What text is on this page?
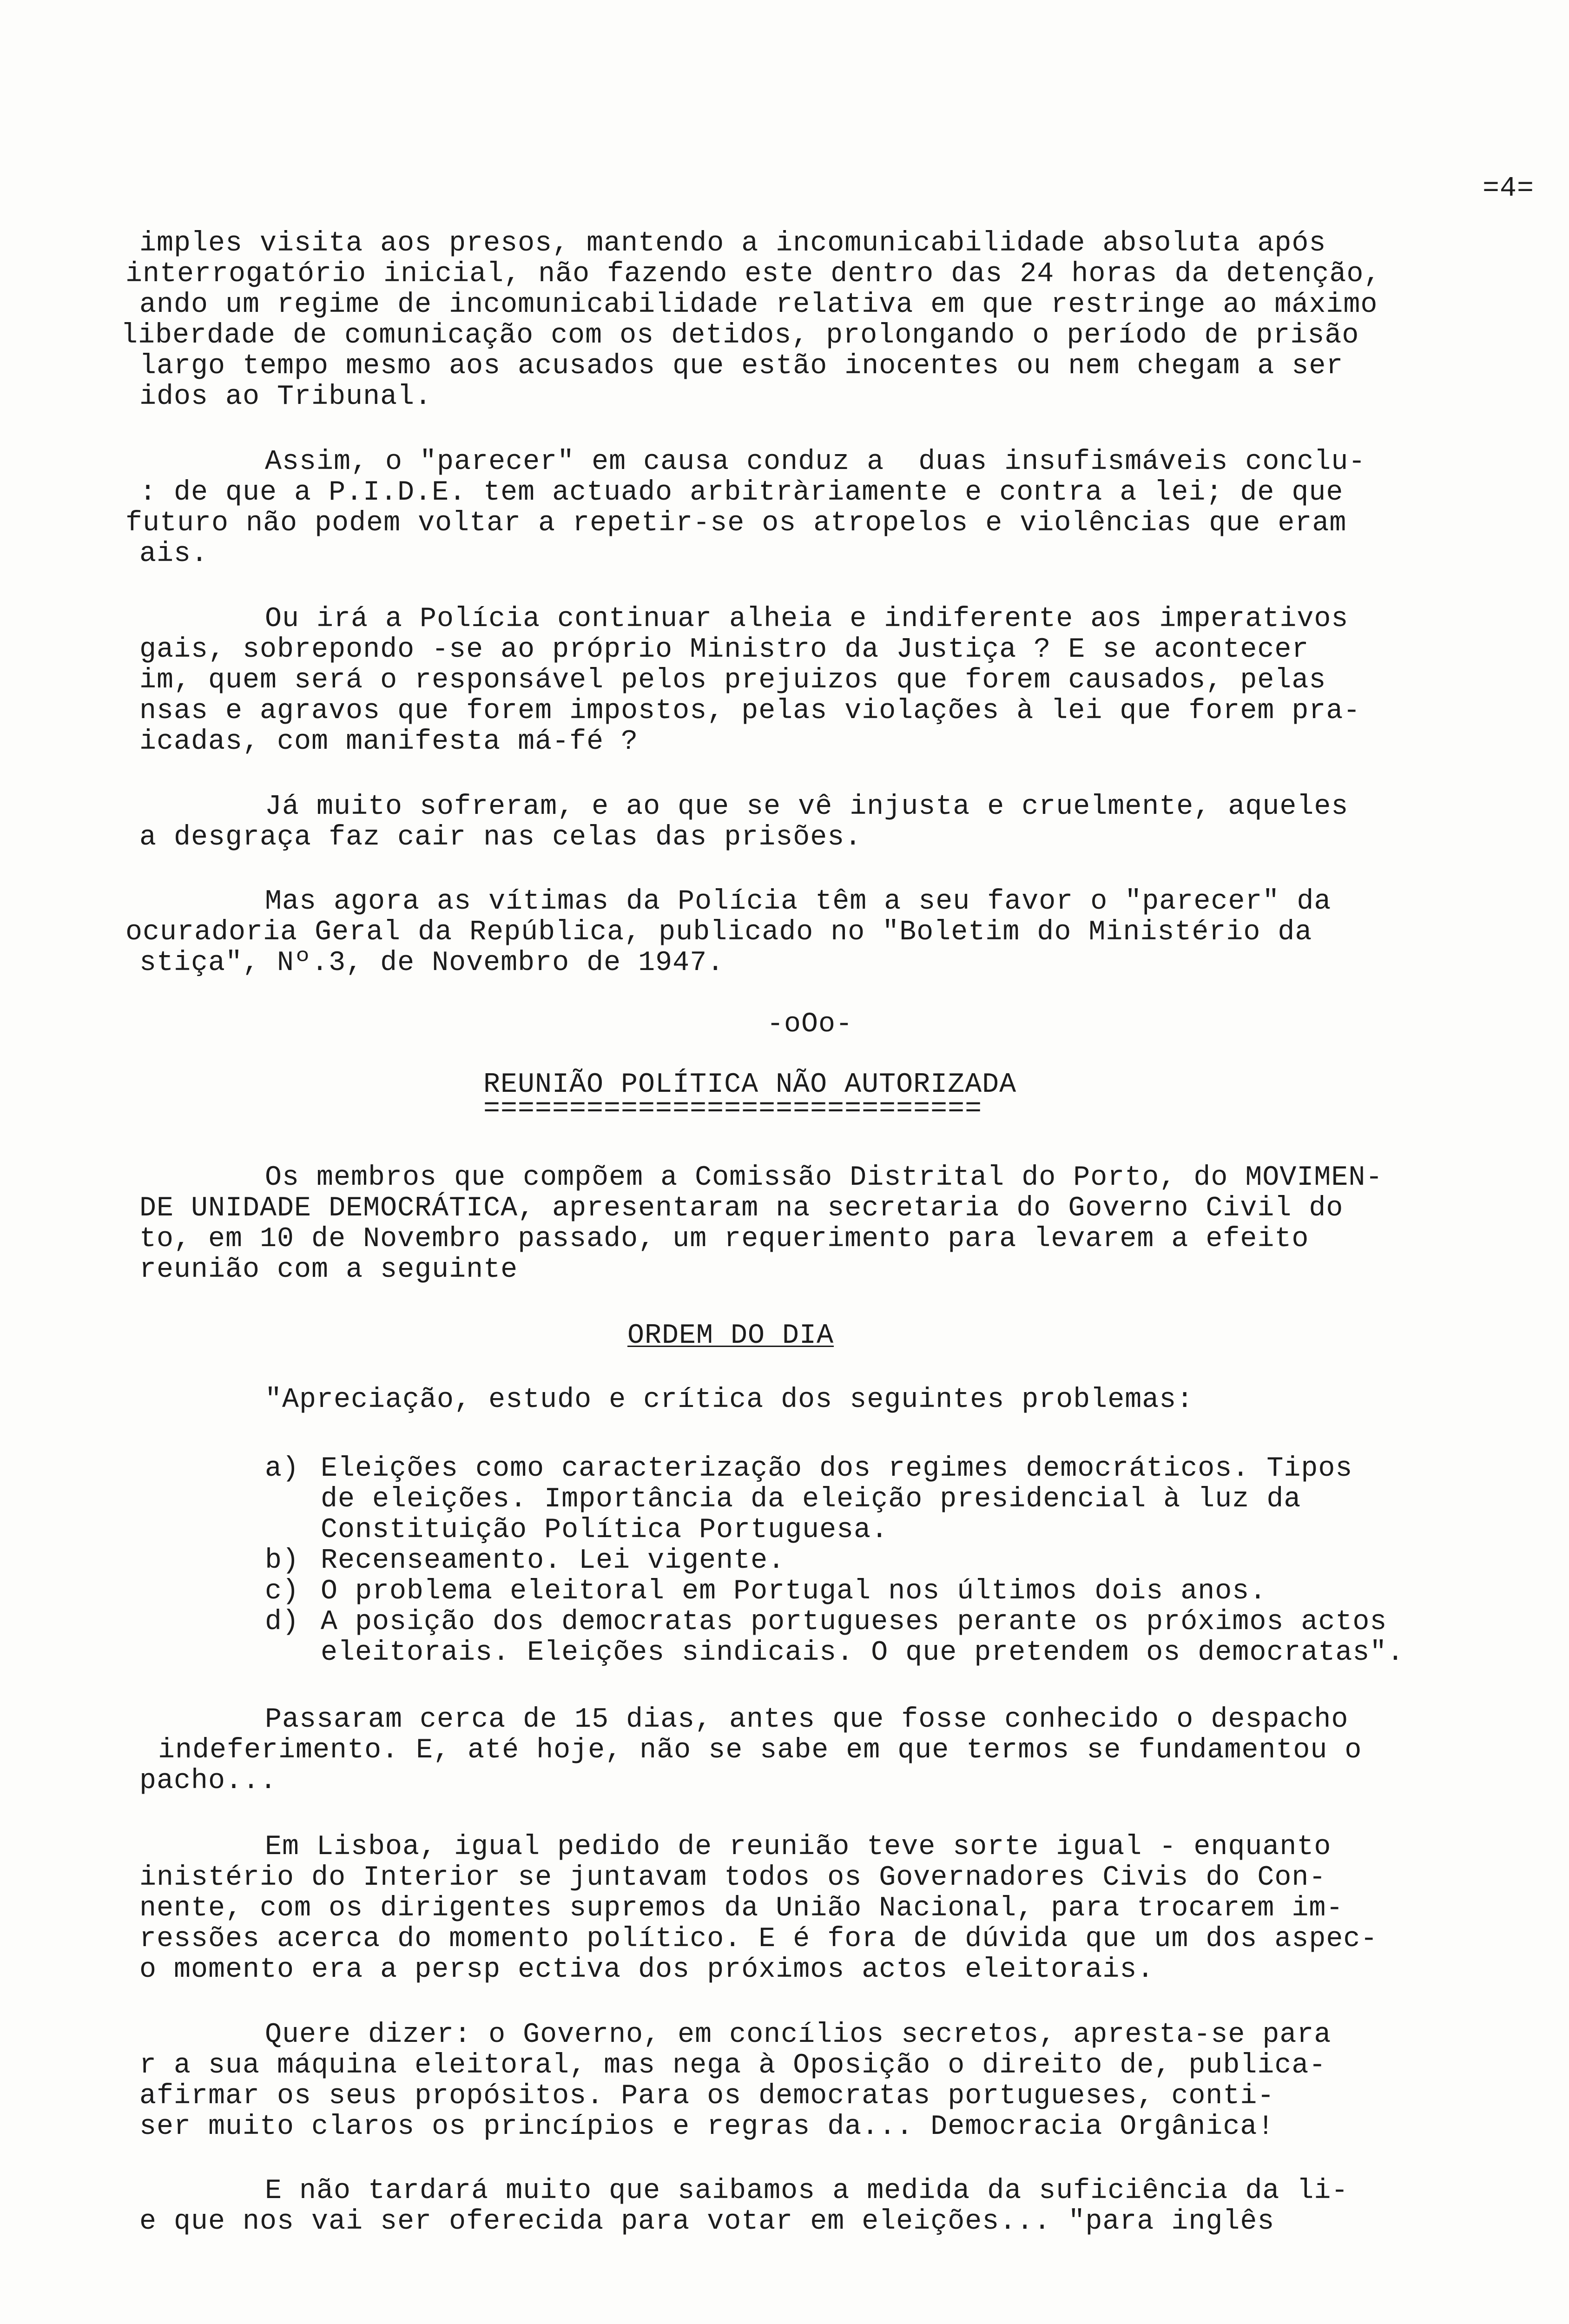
=4=
imples visita aos presos, mantendo a incomunicabilidade absoluta após
interrogatório inicial, não fazendo este dentro das 24 horas da detenção,
ando um regime de incomunicabilidade relativa em que restringe ao máximo
liberdade de comunicação com os detidos, prolongando o período de prisão
largo tempo mesmo aos acusados que estão inocentes ou nem chegam a ser
idos ao Tribunal.
Assim, o "parecer" em causa conduz a  duas insufismáveis conclu-
: de que a P.I.D.E. tem actuado arbitràriamente e contra a lei; de que
futuro não podem voltar a repetir-se os atropelos e violências que eram
ais.
Ou irá a Polícia continuar alheia e indiferente aos imperativos
gais, sobrepondo -se ao próprio Ministro da Justiça ? E se acontecer
im, quem será o responsável pelos prejuizos que forem causados, pelas
nsas e agravos que forem impostos, pelas violações à lei que forem pra-
icadas, com manifesta má-fé ?
Já muito sofreram, e ao que se vê injusta e cruelmente, aqueles
a desgraça faz cair nas celas das prisões.
Mas agora as vítimas da Polícia têm a seu favor o "parecer" da
ocuradoria Geral da República, publicado no "Boletim do Ministério da
stiça", Nº.3, de Novembro de 1947.
-oOo-
REUNIÃO POLÍTICA NÃO AUTORIZADA
=============================
Os membros que compõem a Comissão Distrital do Porto, do MOVIMEN-
DE UNIDADE DEMOCRÁTICA, apresentaram na secretaria do Governo Civil do
to, em 10 de Novembro passado, um requerimento para levarem a efeito
reunião com a seguinte
ORDEM DO DIA
"Apreciação, estudo e crítica dos seguintes problemas:
a) Eleições como caracterização dos regimes democráticos. Tipos
de eleições. Importância da eleição presidencial à luz da
Constituição Política Portuguesa.
b) Recenseamento. Lei vigente.
c) O problema eleitoral em Portugal nos últimos dois anos.
d) A posição dos democratas portugueses perante os próximos actos
eleitorais. Eleições sindicais. O que pretendem os democratas".
Passaram cerca de 15 dias, antes que fosse conhecido o despacho
indeferimento. E, até hoje, não se sabe em que termos se fundamentou o
pacho...
Em Lisboa, igual pedido de reunião teve sorte igual - enquanto
inistério do Interior se juntavam todos os Governadores Civis do Con-
nente, com os dirigentes supremos da União Nacional, para trocarem im-
ressões acerca do momento político. E é fora de dúvida que um dos aspec-
o momento era a persp ectiva dos próximos actos eleitorais.
Quere dizer: o Governo, em concílios secretos, apresta-se para
r a sua máquina eleitoral, mas nega à Oposição o direito de, publica-
afirmar os seus propósitos. Para os democratas portugueses, conti-
ser muito claros os princípios e regras da... Democracia Orgânica!
E não tardará muito que saibamos a medida da suficiência da li-
e que nos vai ser oferecida para votar em eleições... "para inglês
